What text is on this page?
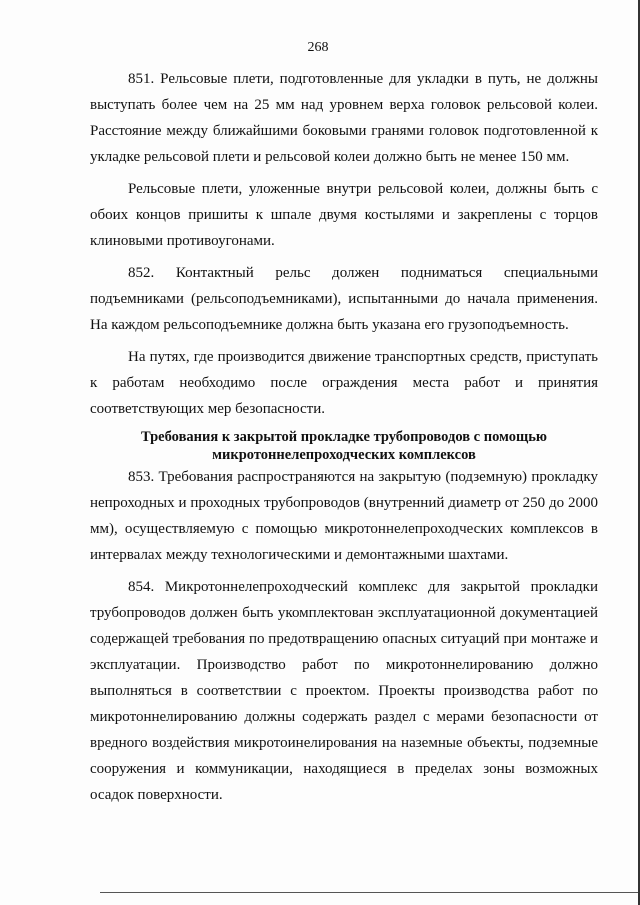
268

851. Рельсовые плети, подготовленные для укладки в путь, не должны выступать более чем на 25 мм над уровнем верха головок рельсовой колеи. Расстояние между ближайшими боковыми гранями головок подготовленной к укладке рельсовой плети и рельсовой колеи должно быть не менее 150 мм.

Рельсовые плети, уложенные внутри рельсовой колеи, должны быть с обоих концов пришиты к шпале двумя костылями и закреплены с торцов клиновыми противоугонами.

852. Контактный рельс должен подниматься специальными подъемниками (рельсоподъемниками), испытанными до начала применения. На каждом рельсоподъемнике должна быть указана его грузоподъемность.

На путях, где производится движение транспортных средств, приступать к работам необходимо после ограждения места работ и принятия соответствующих мер безопасности.

Требования к закрытой прокладке трубопроводов с помощью микротоннелепроходческих комплексов

853. Требования распространяются на закрытую (подземную) прокладку непроходных и проходных трубопроводов (внутренний диаметр от 250 до 2000 мм), осуществляемую с помощью микротоннелепроходческих комплексов в интервалах между технологическими и демонтажными шахтами.

854. Микротоннелепроходческий комплекс для закрытой прокладки трубопроводов должен быть укомплектован эксплуатационной документацией содержащей требования по предотвращению опасных ситуаций при монтаже и эксплуатации. Производство работ по микротоннелированию должно выполняться в соответствии с проектом. Проекты производства работ по микротоннелированию должны содержать раздел с мерами безопасности от вредного воздействия микротоинелирования на наземные объекты, подземные сооружения и коммуникации, находящиеся в пределах зоны возможных осадок поверхности.
